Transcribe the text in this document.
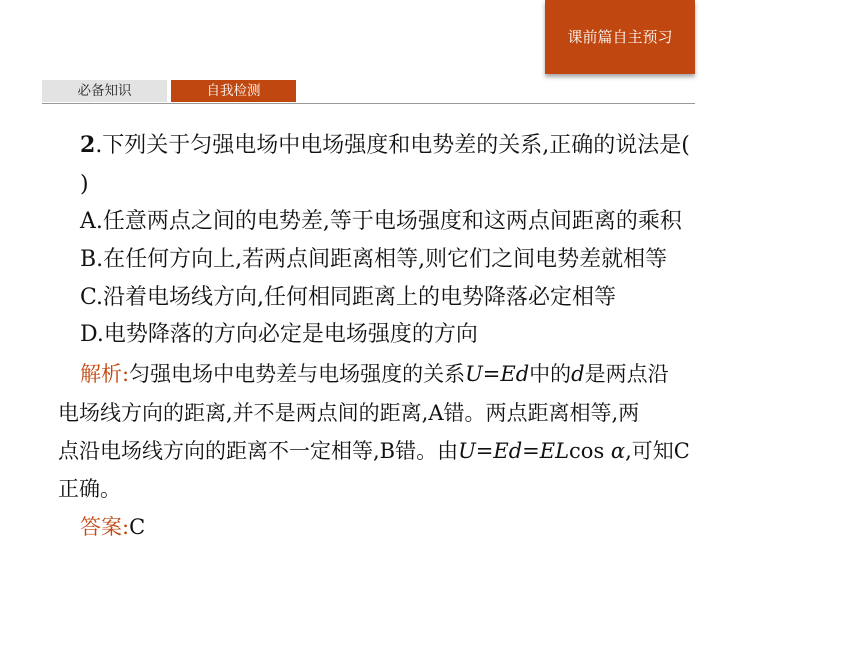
课前篇自主预习
必备知识	自我检测
2.下列关于匀强电场中电场强度和电势差的关系,正确的说法是(
)
A.任意两点之间的电势差,等于电场强度和这两点间距离的乘积
B.在任何方向上,若两点间距离相等,则它们之间电势差就相等
C.沿着电场线方向,任何相同距离上的电势降落必定相等
D.电势降落的方向必定是电场强度的方向
解析:匀强电场中电势差与电场强度的关系U=Ed中的d是两点沿
电场线方向的距离,并不是两点间的距离,A错。两点距离相等,两
点沿电场线方向的距离不一定相等,B错。由U=Ed=ELcos α,可知C
正确。
答案:C
